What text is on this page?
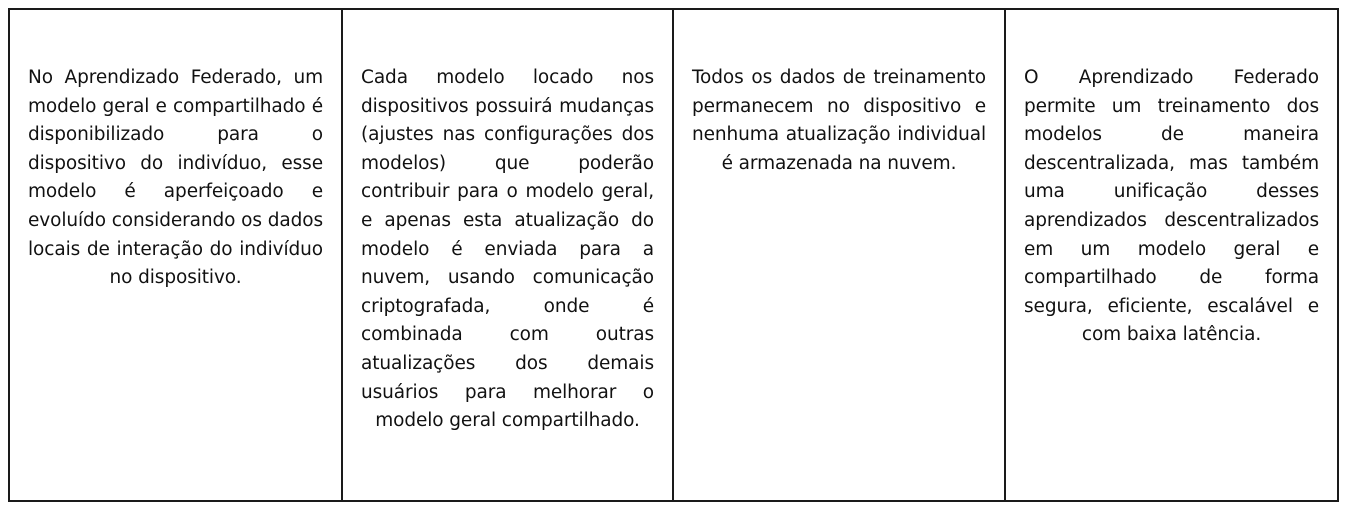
No Aprendizado Federado, um modelo geral e compartilhado é disponibilizado para o dispositivo do indivíduo, esse modelo é aperfeiçoado e evoluído considerando os dados locais de interação do indivíduo no dispositivo.

Cada modelo locado nos dispositivos possuirá mudanças (ajustes nas configurações dos modelos) que poderão contribuir para o modelo geral, e apenas esta atualização do modelo é enviada para a nuvem, usando comunicação criptografada, onde é combinada com outras atualizações dos demais usuários para melhorar o modelo geral compartilhado.

Todos os dados de treinamento permanecem no dispositivo e nenhuma atualização individual é armazenada na nuvem.

O Aprendizado Federado permite um treinamento dos modelos de maneira descentralizada, mas também uma unificação desses aprendizados descentralizados em um modelo geral e compartilhado de forma segura, eficiente, escalável e com baixa latência.
